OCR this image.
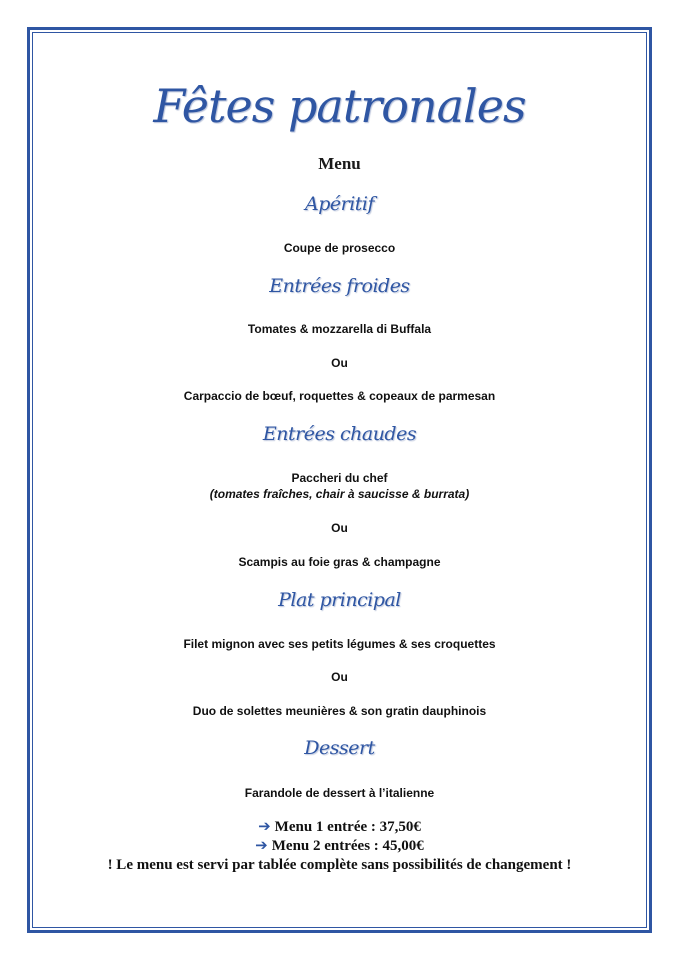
Fêtes patronales
Menu
Apéritif
Coupe de prosecco
Entrées froides
Tomates & mozzarella di Buffala
Ou
Carpaccio de bœuf, roquettes & copeaux de parmesan
Entrées chaudes
Paccheri du chef
(tomates fraîches, chair à saucisse & burrata)
Ou
Scampis au foie gras & champagne
Plat principal
Filet mignon avec ses petits légumes & ses croquettes
Ou
Duo de solettes meunières & son gratin dauphinois
Dessert
Farandole de dessert à l’italienne
➔ Menu 1 entrée : 37,50€
➔ Menu 2 entrées : 45,00€
! Le menu est servi par tablée complète sans possibilités de changement !
